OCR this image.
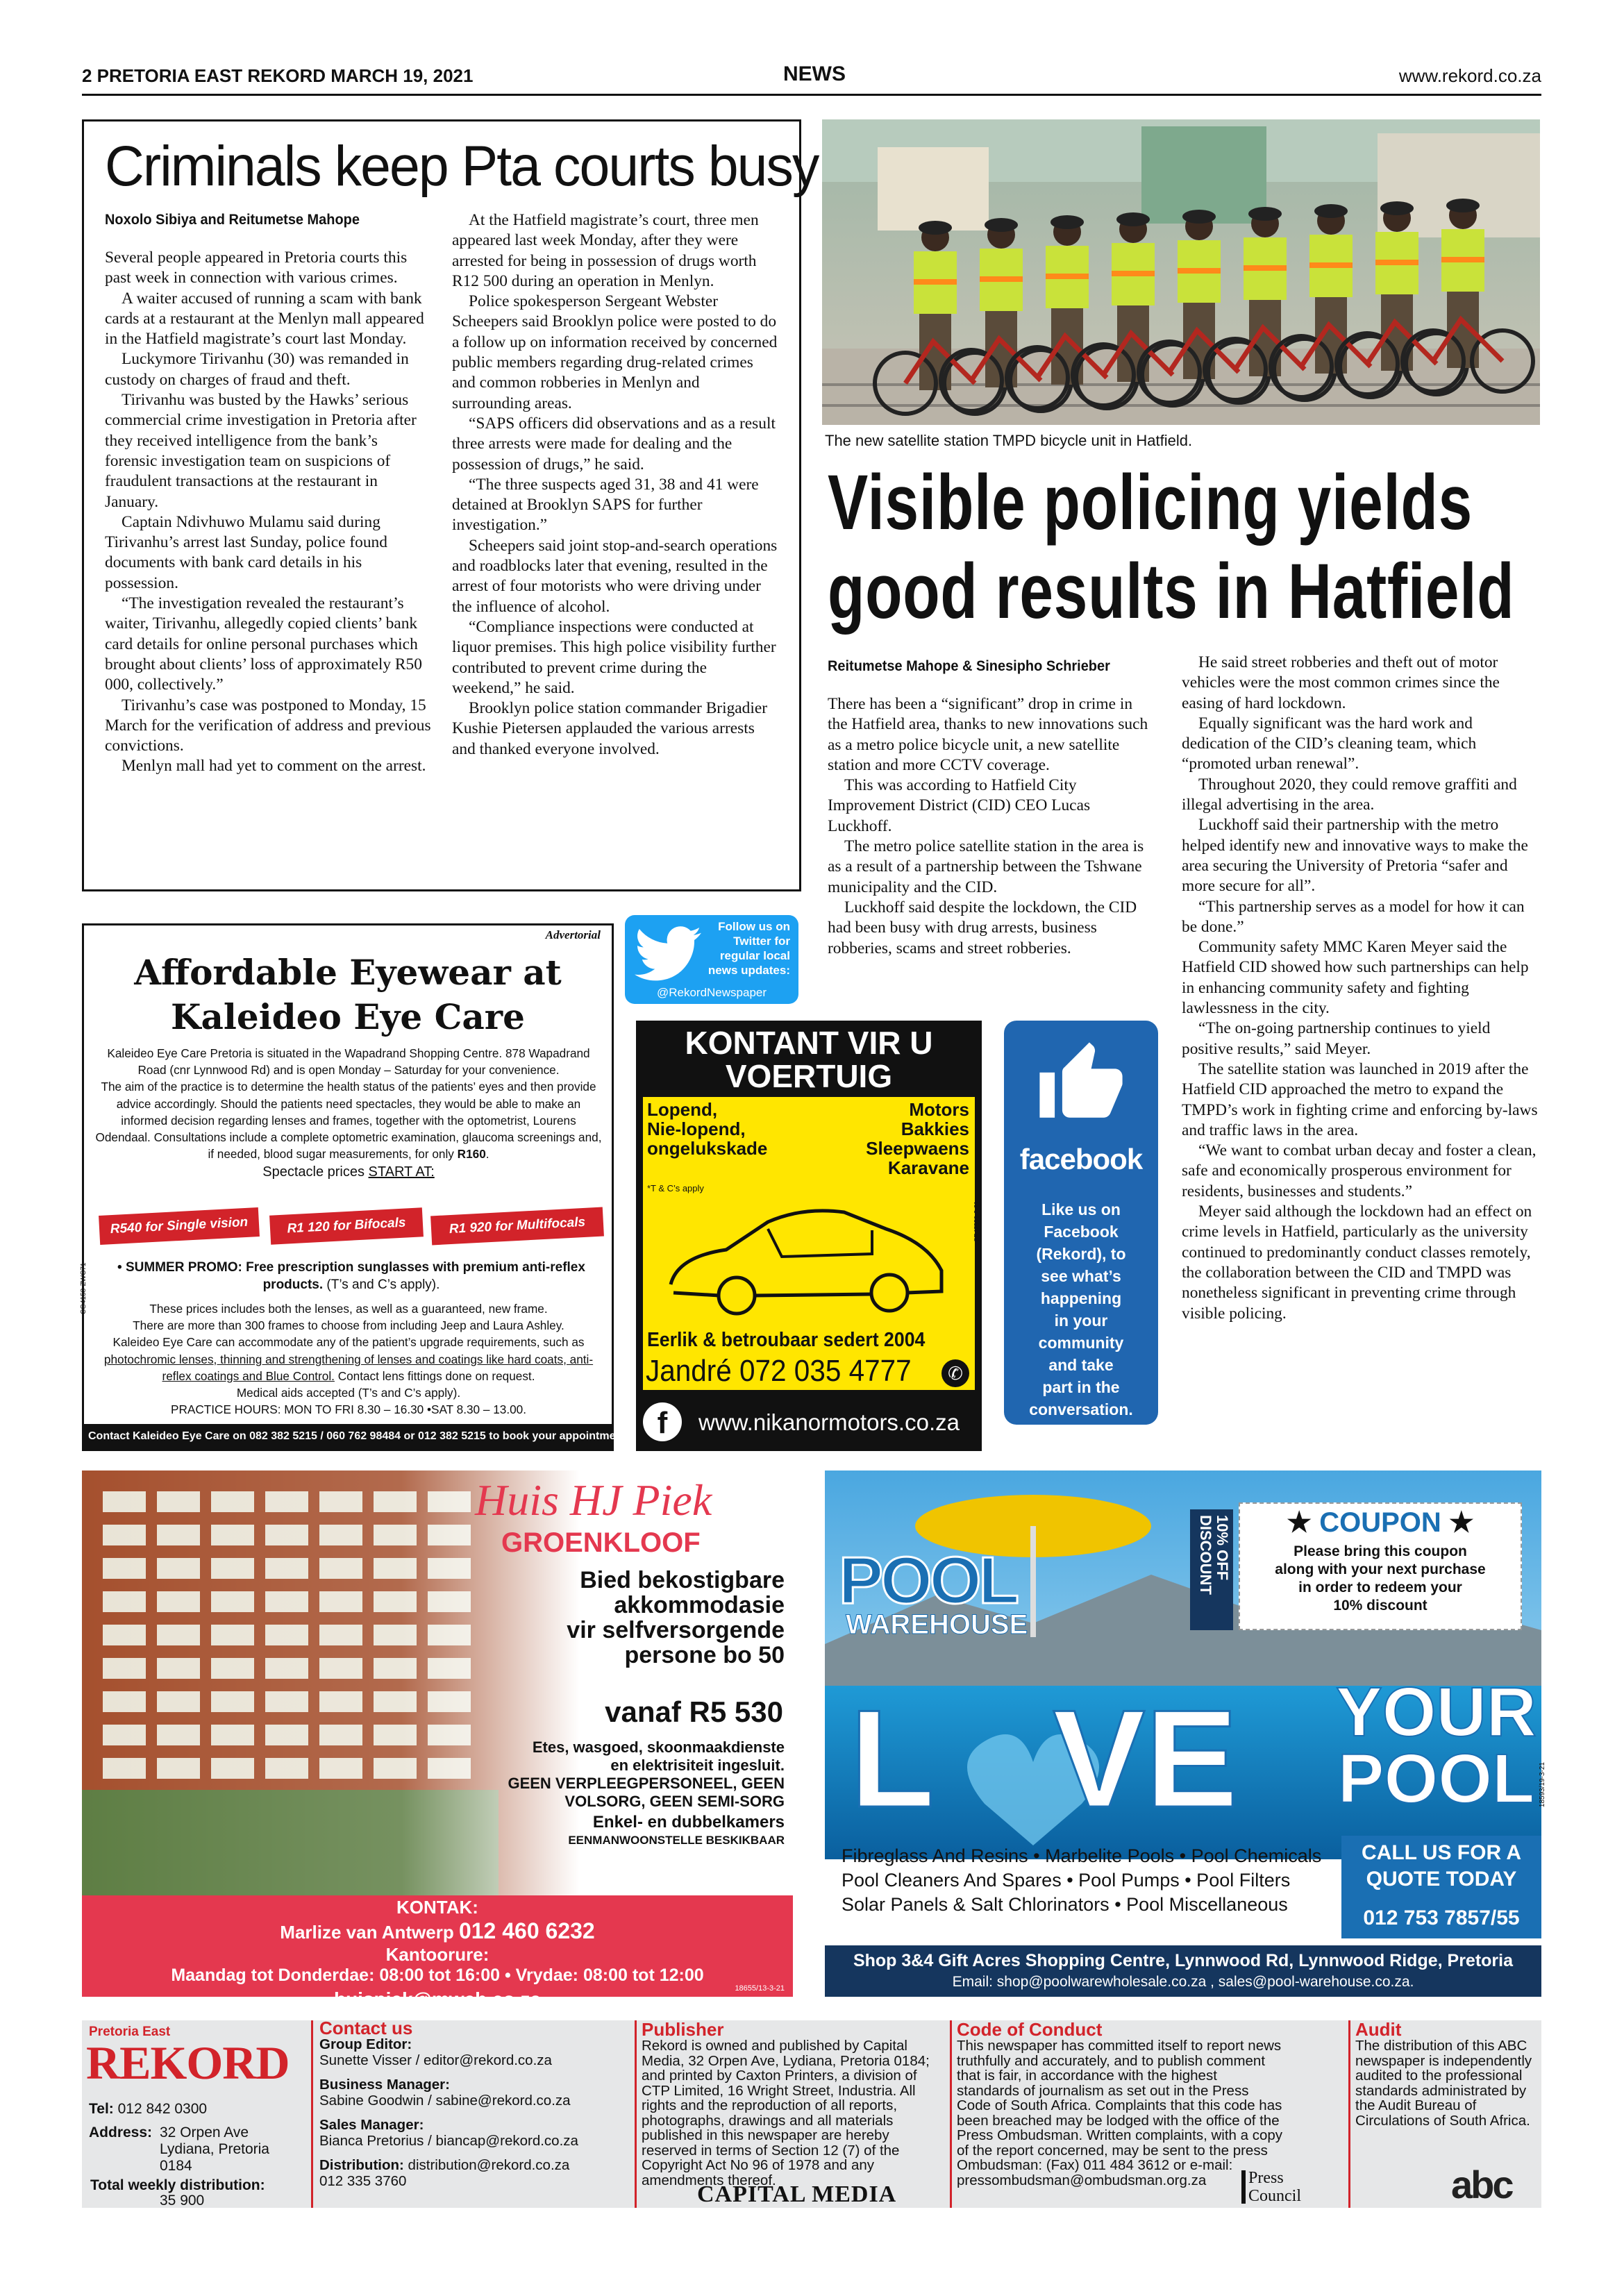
2 PRETORIA EAST REKORD MARCH 19, 2021	NEWS	www.rekord.co.za
Criminals keep Pta courts busy
Noxolo Sibiya and Reitumetse Mahope

Several people appeared in Pretoria courts this past week in connection with various crimes.

A waiter accused of running a scam with bank cards at a restaurant at the Menlyn mall appeared in the Hatfield magistrate’s court last Monday.

Luckymore Tirivanhu (30) was remanded in custody on charges of fraud and theft.

Tirivanhu was busted by the Hawks’ serious commercial crime investigation in Pretoria after they received intelligence from the bank’s forensic investigation team on suspicions of fraudulent transactions at the restaurant in January.

Captain Ndivhuwo Mulamu said during Tirivanhu’s arrest last Sunday, police found documents with bank card details in his possession.

“The investigation revealed the restaurant’s waiter, Tirivanhu, allegedly copied clients’ bank card details for online personal purchases which brought about clients’ loss of approximately R50 000, collectively.”

Tirivanhu’s case was postponed to Monday, 15 March for the verification of address and previous convictions.

Menlyn mall had yet to comment on the arrest.

At the Hatfield magistrate’s court, three men appeared last week Monday, after they were arrested for being in possession of drugs worth R12 500 during an operation in Menlyn.

Police spokesperson Sergeant Webster Scheepers said Brooklyn police were posted to do a follow up on information received by concerned public members regarding drug-related crimes and common robberies in Menlyn and surrounding areas.

“SAPS officers did observations and as a result three arrests were made for dealing and the possession of drugs,” he said.

“The three suspects aged 31, 38 and 41 were detained at Brooklyn SAPS for further investigation.”

Scheepers said joint stop-and-search operations and roadblocks later that evening, resulted in the arrest of four motorists who were driving under the influence of alcohol.

“Compliance inspections were conducted at liquor premises. This high police visibility further contributed to prevent crime during the weekend,” he said.

Brooklyn police station commander Brigadier Kushie Pietersen applauded the various arrests and thanked everyone involved.

The new satellite station TMPD bicycle unit in Hatfield.
Visible policing yields
good results in Hatfield
Reitumetse Mahope & Sinesipho Schrieber

There has been a “significant” drop in crime in the Hatfield area, thanks to new innovations such as a metro police bicycle unit, a new satellite station and more CCTV coverage.

This was according to Hatfield City Improvement District (CID) CEO Lucas Luckhoff.

The metro police satellite station in the area is as a result of a partnership between the Tshwane municipality and the CID.

Luckhoff said despite the lockdown, the CID had been busy with drug arrests, business robberies, scams and street robberies.

He said street robberies and theft out of motor vehicles were the most common crimes since the easing of hard lockdown.

Equally significant was the hard work and dedication of the CID’s cleaning team, which “promoted urban renewal”.

Throughout 2020, they could remove graffiti and illegal advertising in the area.

Luckhoff said their partnership with the metro helped identify new and innovative ways to make the area securing the University of Pretoria “safer and more secure for all”.

“This partnership serves as a model for how it can be done.”

Community safety MMC Karen Meyer said the Hatfield CID showed how such partnerships can help in enhancing community safety and fighting lawlessness in the city.

“The on-going partnership continues to yield positive results,” said Meyer.

The satellite station was launched in 2019 after the Hatfield CID approached the metro to expand the TMPD’s work in fighting crime and enforcing by-laws and traffic laws in the area.

“We want to combat urban decay and foster a clean, safe and economically prosperous environment for residents, businesses and students.”

Meyer said although the lockdown had an effect on crime levels in Hatfield, particularly as the university continued to predominantly conduct classes remotely, the collaboration between the CID and TMPD was nonetheless significant in preventing crime through visible policing.

Follow us on
Twitter for
regular local
news updates:
@RekordNewspaper
Advertorial
Affordable Eyewear at
Kaleideo Eye Care
Kaleideo Eye Care Pretoria is situated in the Wapadrand Shopping Centre. 878 Wapadrand Road (cnr Lynnwood Rd) and is open Monday – Saturday for your convenience.
The aim of the practice is to determine the health status of the patients’ eyes and then provide advice accordingly. Should the patients need spectacles, they would be able to make an informed decision regarding lenses and frames, together with the optometrist, Lourens Odendaal. Consultations include a complete optometric examination, glaucoma screenings and, if needed, blood sugar measurements, for only R160.
Spectacle prices START AT:
R540 for Single vision	R1 120 for Bifocals	R1 920 for Multifocals
• SUMMER PROMO: Free prescription sunglasses with premium anti-reflex products. (T’s and C’s apply).
These prices includes both the lenses, as well as a guaranteed, new frame.
There are more than 300 frames to choose from including Jeep and Laura Ashley.
Kaleideo Eye Care can accommodate any of the patient’s upgrade requirements, such as photochromic lenses, thinning and strengthening of lenses and coatings like hard coats, anti-reflex coatings and Blue Control. Contact lens fittings done on request.
Medical aids accepted (T’s and C’s apply).
PRACTICE HOURS: MON TO FRI 8.30 – 16.30 •SAT 8.30 – 13.00.
CG4158-ZWC71
Contact Kaleideo Eye Care on 082 382 5215 / 060 762 98484 or 012 382 5215 to book your appointment.
KONTANT VIR U
VOERTUIG
Lopend,
Nie-lopend,
ongelukskade
Motors
Bakkies
Sleepwaens
Karavane
*T & C’s apply
SR47559-2-21
Eerlik & betroubaar sedert 2004
Jandré 072 035 4777	✆
f	www.nikanormotors.co.za
facebook
Like us on
Facebook
(Rekord), to
see what’s
happening
in your
community
and take
part in the
conversation.
Huis HJ Piek
GROENKLOOF
Bied bekostigbare
akkommodasie
vir selfversorgende
persone bo 50
vanaf R5 530
Etes, wasgoed, skoonmaakdienste
en elektrisiteit ingesluit.
GEEN VERPLEEGPERSONEEL, GEEN
VOLSORG, GEEN SEMI-SORG
Enkel- en dubbelkamers
EENMANWOONSTELLE BESKIKBAAR
KONTAK:
Marlize van Antwerp 012 460 6232
Kantoorure:
Maandag tot Donderdae: 08:00 tot 16:00 • Vrydae: 08:00 tot 12:00
huispiek@mweb.co.za	18655/13-3-21
POOL
WAREHOUSE
10% OFF
DISCOUNT	★ COUPON ★
Please bring this coupon
along with your next purchase
in order to redeem your
10% discount
L VE YOUR
POOL 18593/19-3-21
Fibreglass And Resins • Marbelite Pools • Pool Chemicals
Pool Cleaners And Spares • Pool Pumps • Pool Filters
Solar Panels & Salt Chlorinators • Pool Miscellaneous
CALL US FOR A
QUOTE TODAY
012 753 7857/55
Shop 3&4 Gift Acres Shopping Centre, Lynnwood Rd, Lynnwood Ridge, Pretoria
Email: shop@poolwarewholesale.co.za , sales@pool-warehouse.co.za.
Pretoria East
REKORD
Tel: 012 842 0300
Address: 32 Orpen Ave
Lydiana, Pretoria
0184
Total weekly distribution:
35 900
Contact us
Group Editor:
Sunette Visser / editor@rekord.co.za
Business Manager:
Sabine Goodwin / sabine@rekord.co.za
Sales Manager:
Bianca Pretorius / biancap@rekord.co.za
Distribution: distribution@rekord.co.za
012 335 3760
Publisher
Rekord is owned and published by Capital Media, 32 Orpen Ave, Lydiana, Pretoria 0184; and printed by Caxton Printers, a division of CTP Limited, 16 Wright Street, Industria. All rights and the reproduction of all reports, photographs, drawings and all materials published in this newspaper are hereby reserved in terms of Section 12 (7) of the Copyright Act No 96 of 1978 and any amendments thereof.
CAPITAL MEDIA
Code of Conduct
This newspaper has committed itself to report news truthfully and accurately, and to publish comment that is fair, in accordance with the highest standards of journalism as set out in the Press Code of South Africa. Complaints that this code has been breached may be lodged with the office of the Press Ombudsman. Written complaints, with a copy of the report concerned, may be sent to the press Ombudsman: (Fax) 011 484 3612 or e-mail: pressombudsman@ombudsman.org.za	Press
Council
Audit
The distribution of this ABC newspaper is independently audited to the professional standards administrated by the Audit Bureau of Circulations of South Africa.
abc
